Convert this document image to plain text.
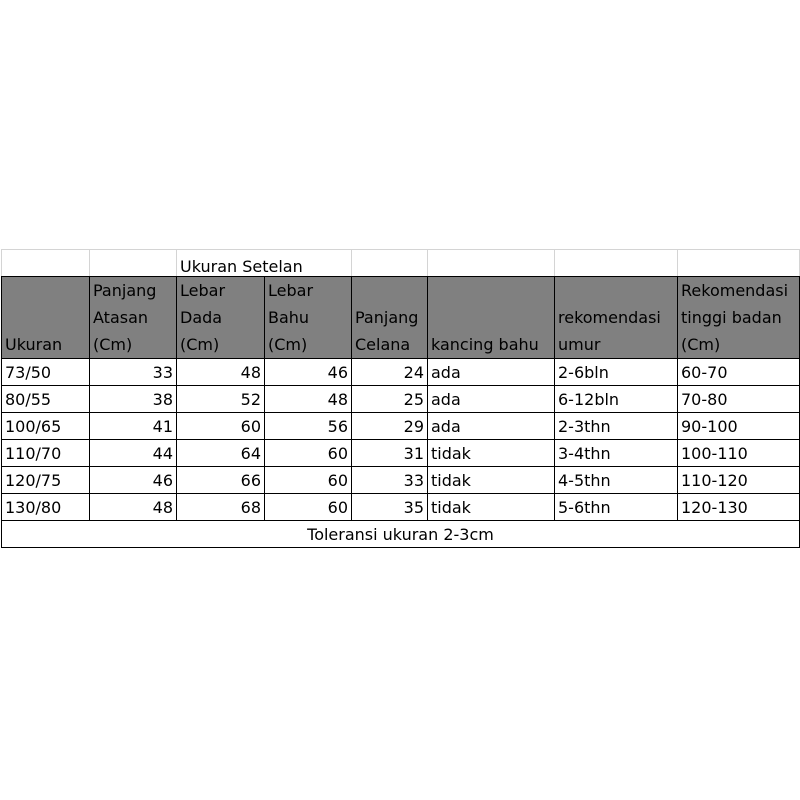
		Ukuran Setelan					
Ukuran	Panjang Atasan (Cm)	Lebar Dada (Cm)	Lebar Bahu (Cm)	Panjang Celana	kancing bahu	rekomendasi umur	Rekomendasi tinggi badan (Cm)
73/50	33	48	46	24	ada	2-6bln	60-70
80/55	38	52	48	25	ada	6-12bln	70-80
100/65	41	60	56	29	ada	2-3thn	90-100
110/70	44	64	60	31	tidak	3-4thn	100-110
120/75	46	66	60	33	tidak	4-5thn	110-120
130/80	48	68	60	35	tidak	5-6thn	120-130
Toleransi ukuran 2-3cm							
